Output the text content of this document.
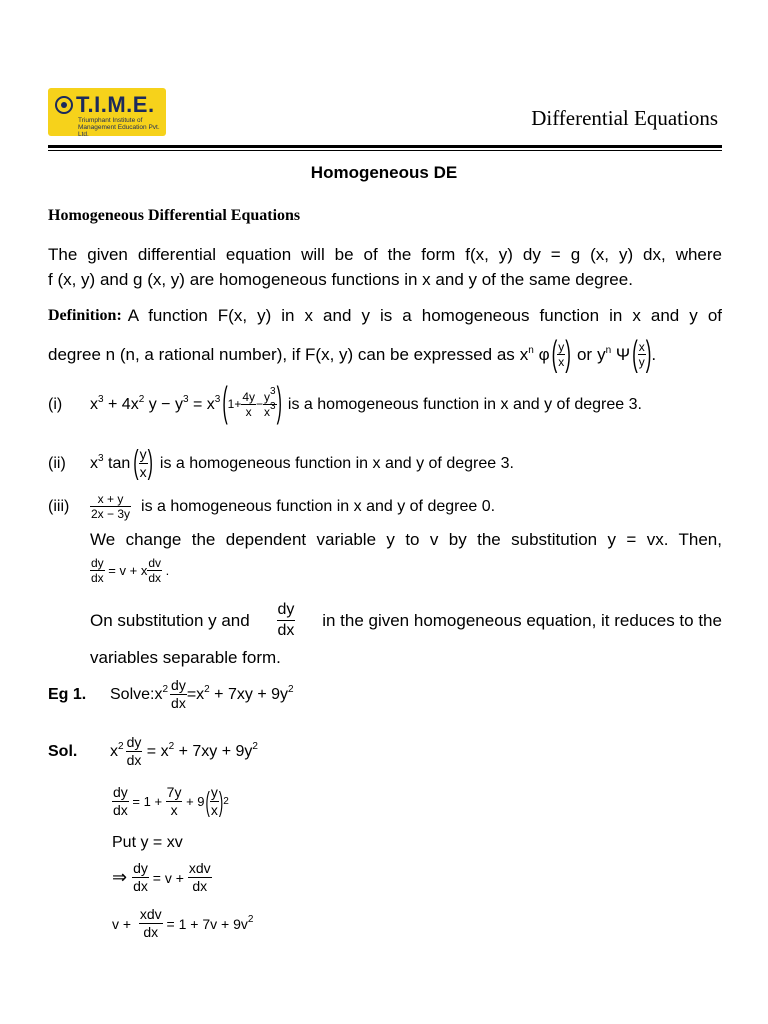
T.I.M.E.
Triumphant Institute of Management Education Pvt. Ltd.
Differential Equations
Homogeneous DE
Homogeneous Differential Equations
The given differential equation will be of the form f(x, y) dy = g (x, y) dx, where
f (x, y) and g (x, y) are homogeneous functions in x and y of the same degree.
Definition: A function F(x, y) in x and y is a homogeneous function in x and y of
degree n (n, a rational number), if F(x, y) can be expressed as $x^n$ φ ( $\frac{y}{x}$ ) or $y^n$ Ψ ( $\frac{x}{y}$ ) .
(i)	$x^3 + 4x^2$ $y - y^3 = x^3$ ( $1+ \frac{4y}{x} - \frac{y^3}{x^3}$ ) is a homogeneous function in x and y of degree 3.
(ii)	$x^3$ tan ( $\frac{y}{x}$ ) is a homogeneous function in x and y of degree 3.
(iii)	$\frac{x + y}{2x - 3y}$ is a homogeneous function in x and y of degree 0.
We change the dependent variable y to v by the substitution y = vx. Then,
$\frac{dy}{dx} = v + x \frac{dv}{dx}$ .
On substitution y and $\frac{dy}{dx}$ in the given homogeneous equation, it reduces to the
variables separable form.
Eg 1.	Solve: $x^2 \frac{dy}{dx} =x^2 + 7xy + 9y^2$
Sol.	$x^2 \frac{dy}{dx} = x^2 + 7xy + 9y^2$
$\frac{dy}{dx} = 1 + \frac{7y}{x} + 9$ ( $\frac{y}{x}$ ) 2
Put y = xv
⇒ $\frac{dy}{dx} = v + \frac{\text{xdv}}{dx}$
$v + \frac{\text{xdv}}{dx} = 1 + 7v + 9v^2$
